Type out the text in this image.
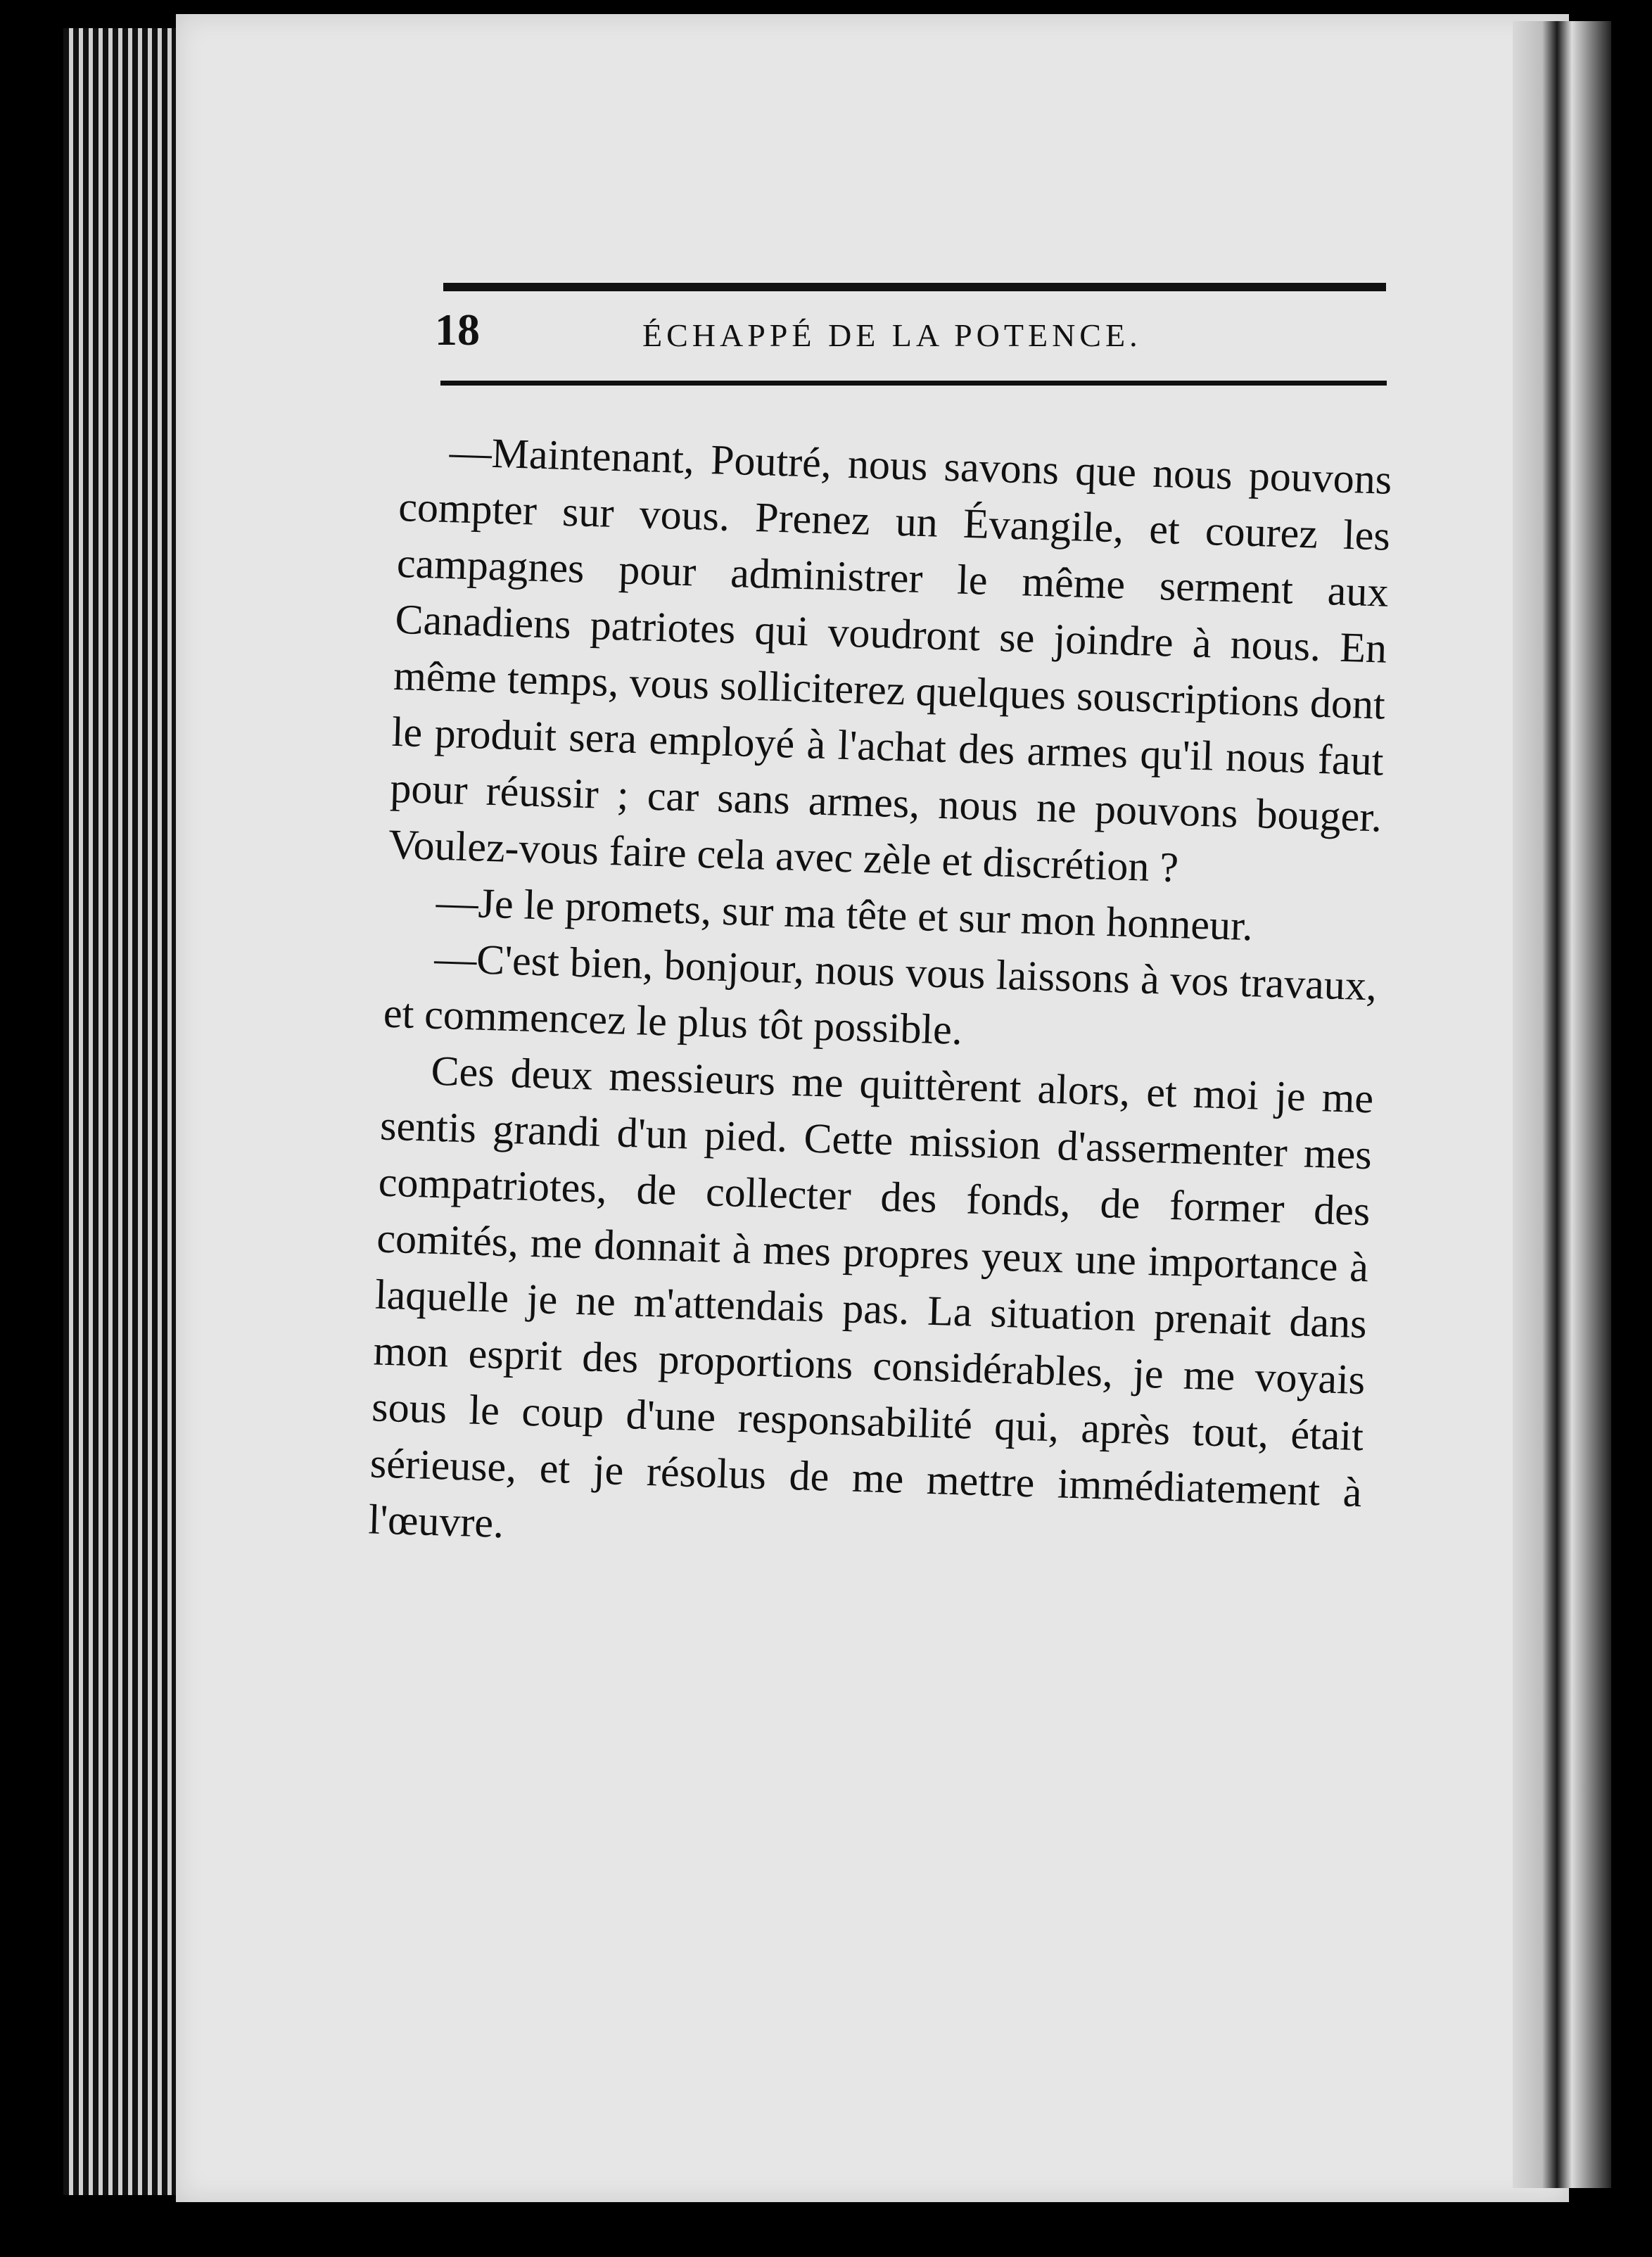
18	ÉCHAPPÉ DE LA POTENCE.

—Maintenant, Poutré, nous savons que nous pouvons compter sur vous. Prenez un Évangile, et courez les campagnes pour administrer le même serment aux Canadiens patriotes qui voudront se joindre à nous. En même temps, vous solliciterez quelques souscriptions dont le produit sera employé à l'achat des armes qu'il nous faut pour réussir ; car sans armes, nous ne pouvons bouger. Voulez-vous faire cela avec zèle et discrétion ?

—Je le promets, sur ma tête et sur mon honneur.

—C'est bien, bonjour, nous vous laissons à vos travaux, et commencez le plus tôt possible.

Ces deux messieurs me quittèrent alors, et moi je me sentis grandi d'un pied. Cette mission d'assermenter mes compatriotes, de collecter des fonds, de former des comités, me donnait à mes propres yeux une importance à laquelle je ne m'attendais pas. La situation prenait dans mon esprit des proportions considérables, je me voyais sous le coup d'une responsabilité qui, après tout, était sérieuse, et je résolus de me mettre immédiatement à l'œuvre.
